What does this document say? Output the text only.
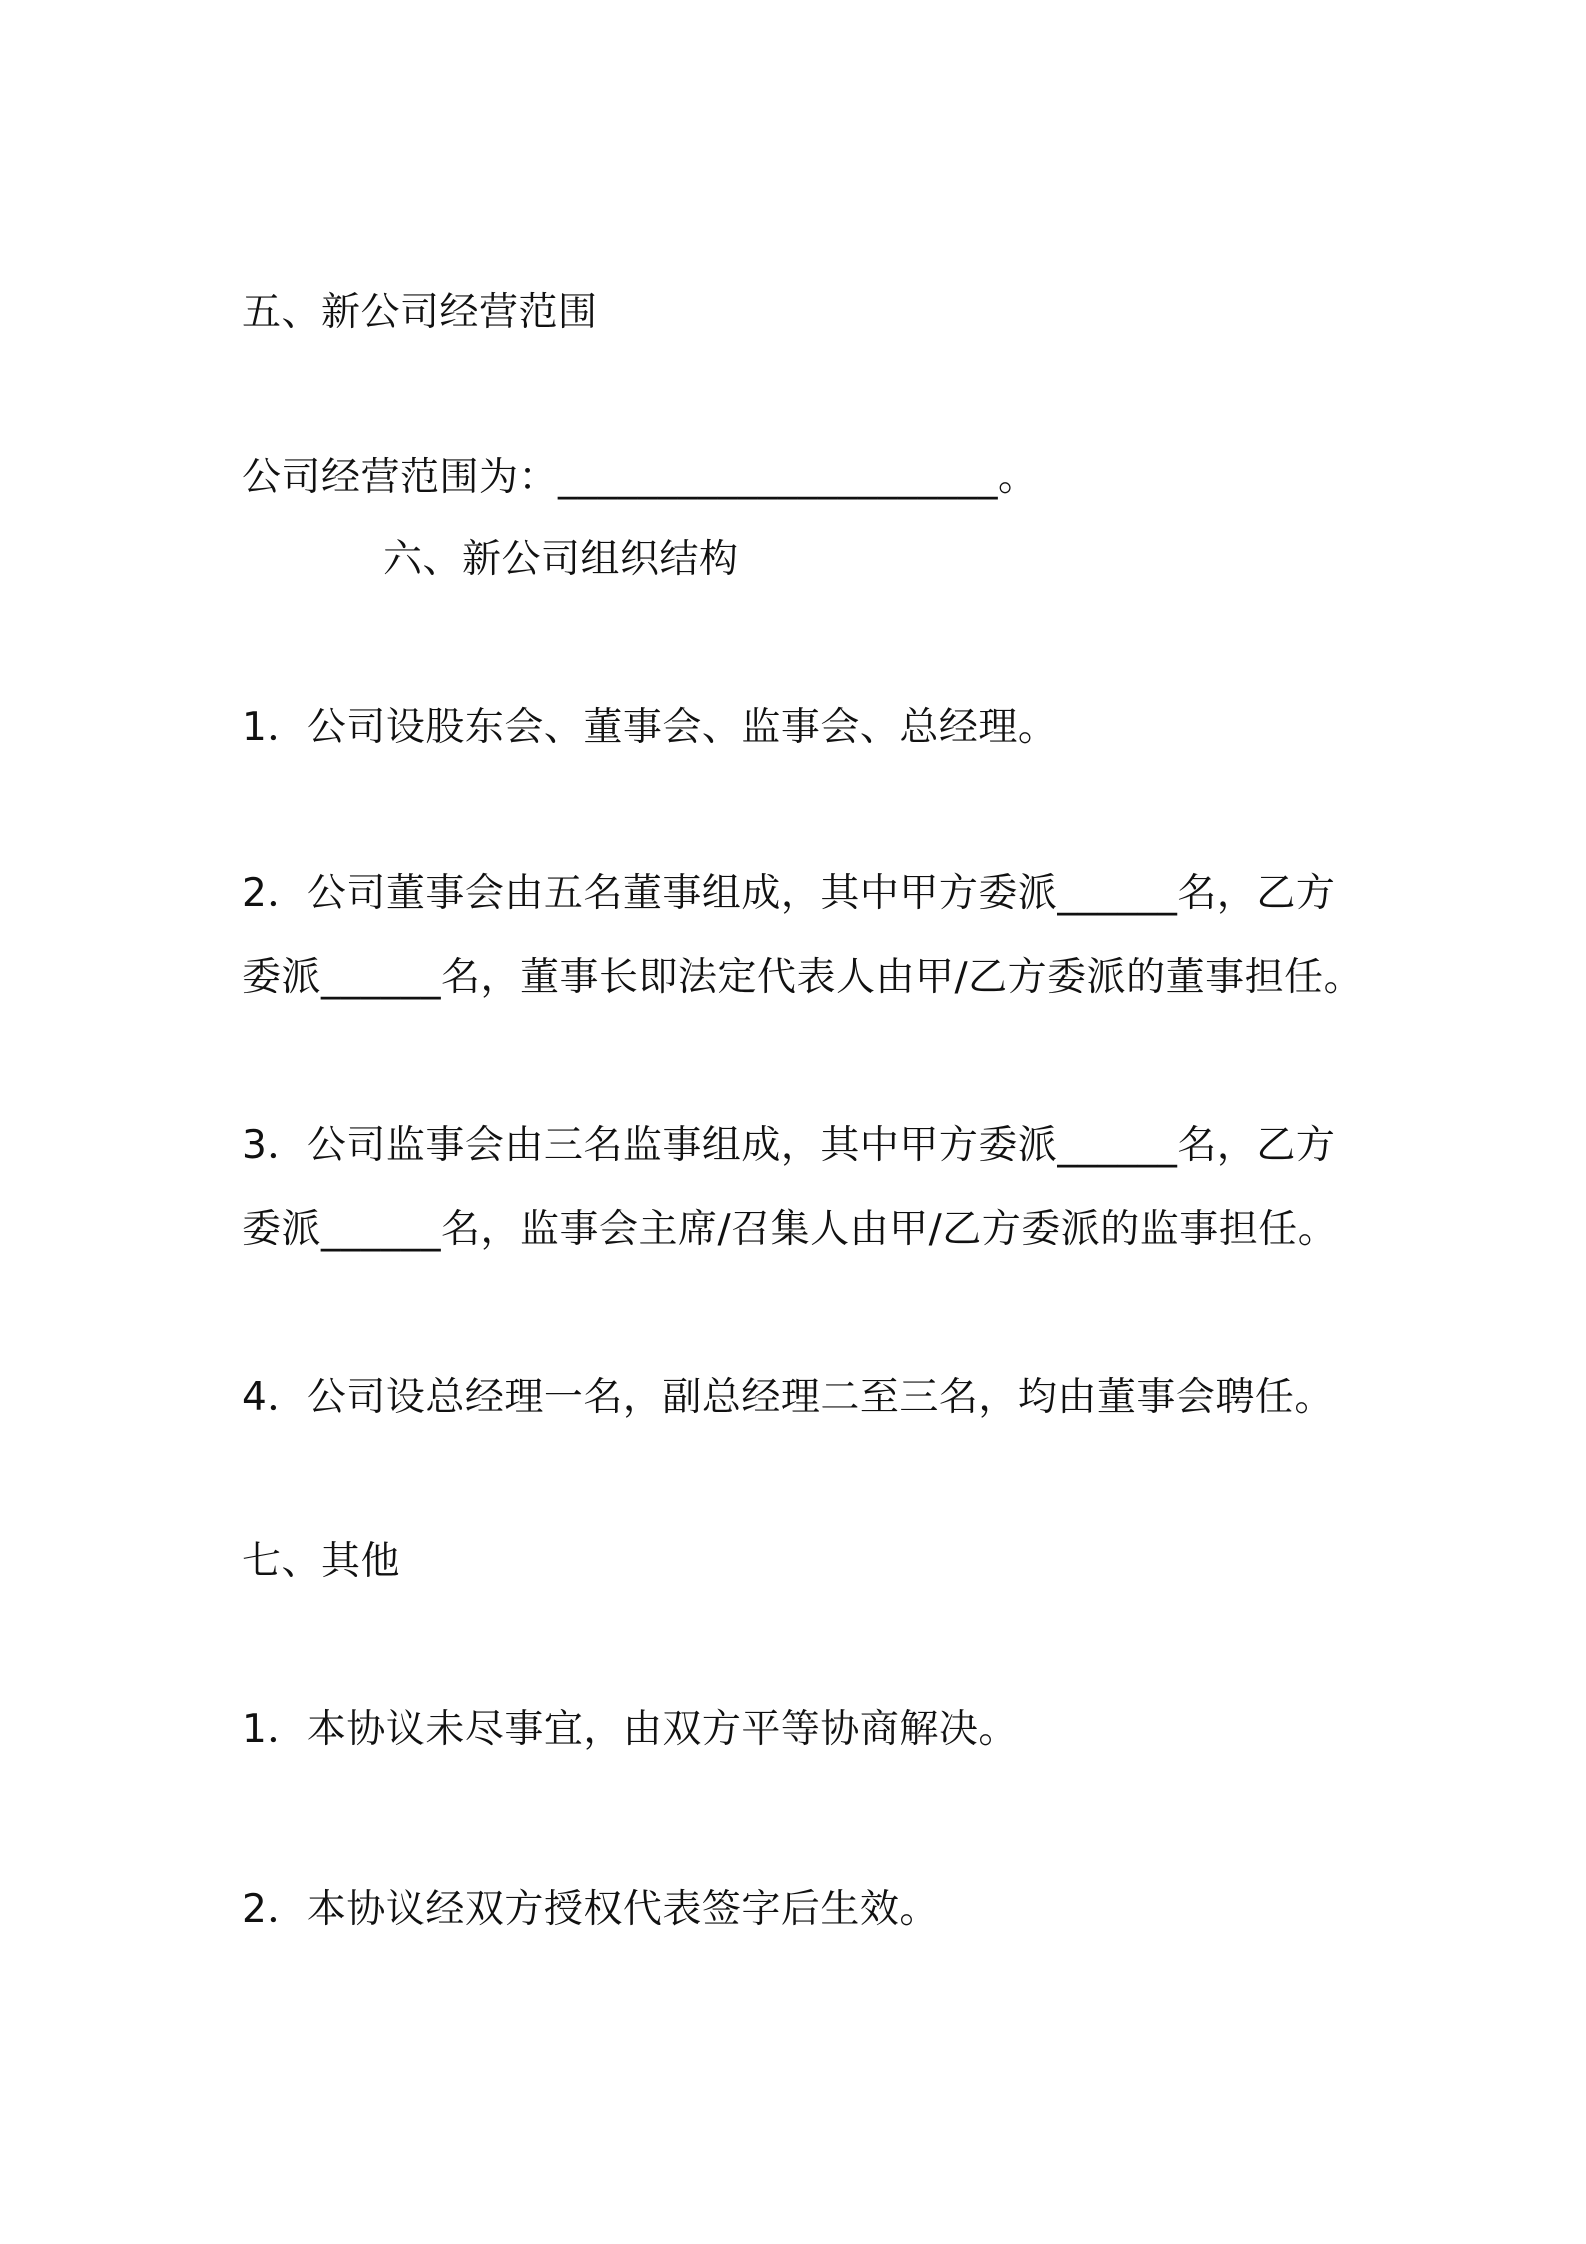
五、新公司经营范围
公司经营范围为：______________________。
六、新公司组织结构
1．公司设股东会、董事会、监事会、总经理。
2．公司董事会由五名董事组成，其中甲方委派______名，乙方
委派______名，董事长即法定代表人由甲/乙方委派的董事担任。
3．公司监事会由三名监事组成，其中甲方委派______名，乙方
委派______名，监事会主席/召集人由甲/乙方委派的监事担任。
4．公司设总经理一名，副总经理二至三名，均由董事会聘任。
七、其他
1．本协议未尽事宜，由双方平等协商解决。
2．本协议经双方授权代表签字后生效。
